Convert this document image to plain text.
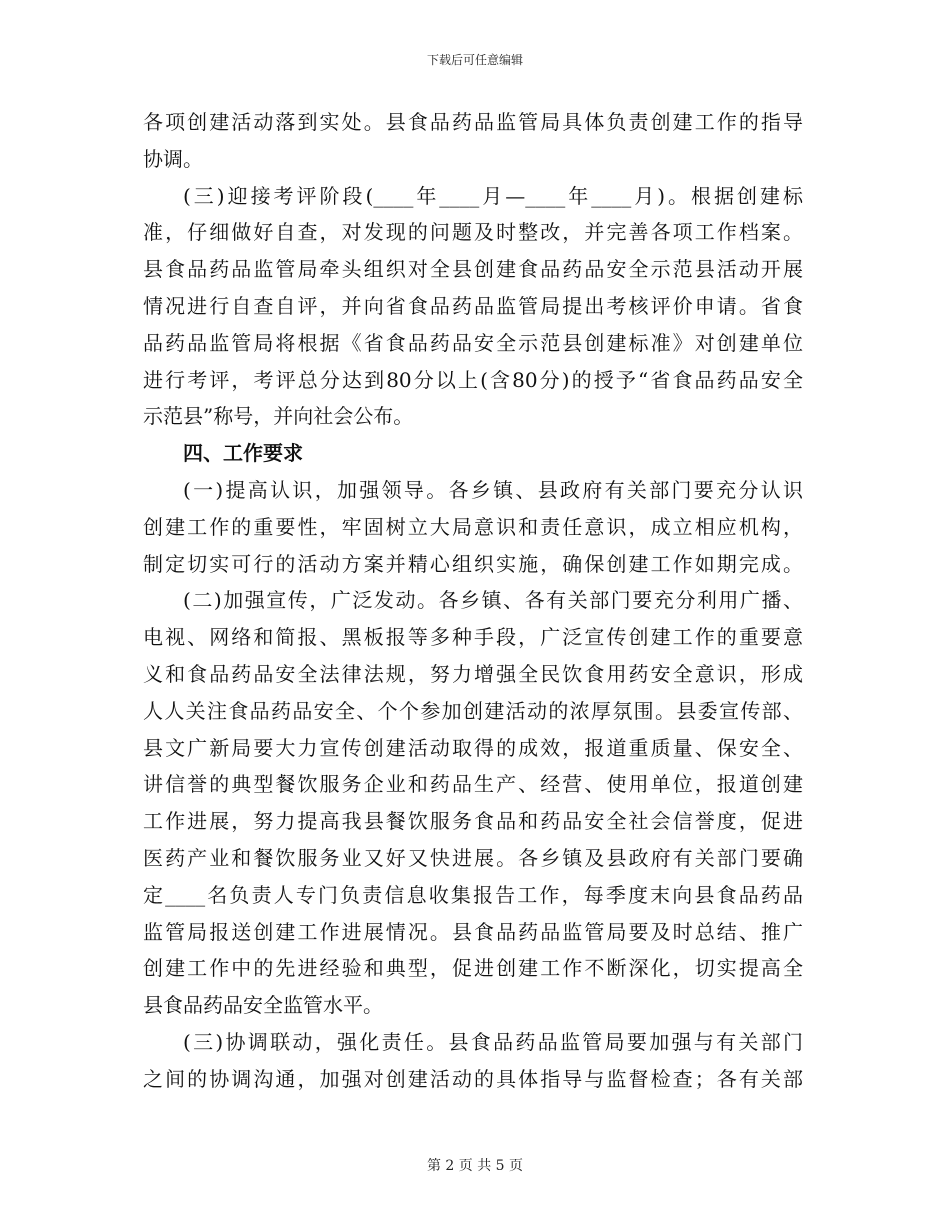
下载后可任意编辑
各项创建活动落到实处。县食品药品监管局具体负责创建工作的指导
协调。
(三)迎接考评阶段(____年____月—____年____月)。根据创建标
准，仔细做好自查，对发现的问题及时整改，并完善各项工作档案。
县食品药品监管局牵头组织对全县创建食品药品安全示范县活动开展
情况进行自查自评，并向省食品药品监管局提出考核评价申请。省食
品药品监管局将根据《省食品药品安全示范县创建标准》对创建单位
进行考评，考评总分达到80分以上(含80分)的授予“省食品药品安全
示范县”称号，并向社会公布。
四、工作要求
(一)提高认识，加强领导。各乡镇、县政府有关部门要充分认识
创建工作的重要性，牢固树立大局意识和责任意识，成立相应机构，
制定切实可行的活动方案并精心组织实施，确保创建工作如期完成。
(二)加强宣传，广泛发动。各乡镇、各有关部门要充分利用广播、
电视、网络和简报、黑板报等多种手段，广泛宣传创建工作的重要意
义和食品药品安全法律法规，努力增强全民饮食用药安全意识，形成
人人关注食品药品安全、个个参加创建活动的浓厚氛围。县委宣传部、
县文广新局要大力宣传创建活动取得的成效，报道重质量、保安全、
讲信誉的典型餐饮服务企业和药品生产、经营、使用单位，报道创建
工作进展，努力提高我县餐饮服务食品和药品安全社会信誉度，促进
医药产业和餐饮服务业又好又快进展。各乡镇及县政府有关部门要确
定____名负责人专门负责信息收集报告工作，每季度末向县食品药品
监管局报送创建工作进展情况。县食品药品监管局要及时总结、推广
创建工作中的先进经验和典型，促进创建工作不断深化，切实提高全
县食品药品安全监管水平。
(三)协调联动，强化责任。县食品药品监管局要加强与有关部门
之间的协调沟通，加强对创建活动的具体指导与监督检查；各有关部
第 2 页 共 5 页
